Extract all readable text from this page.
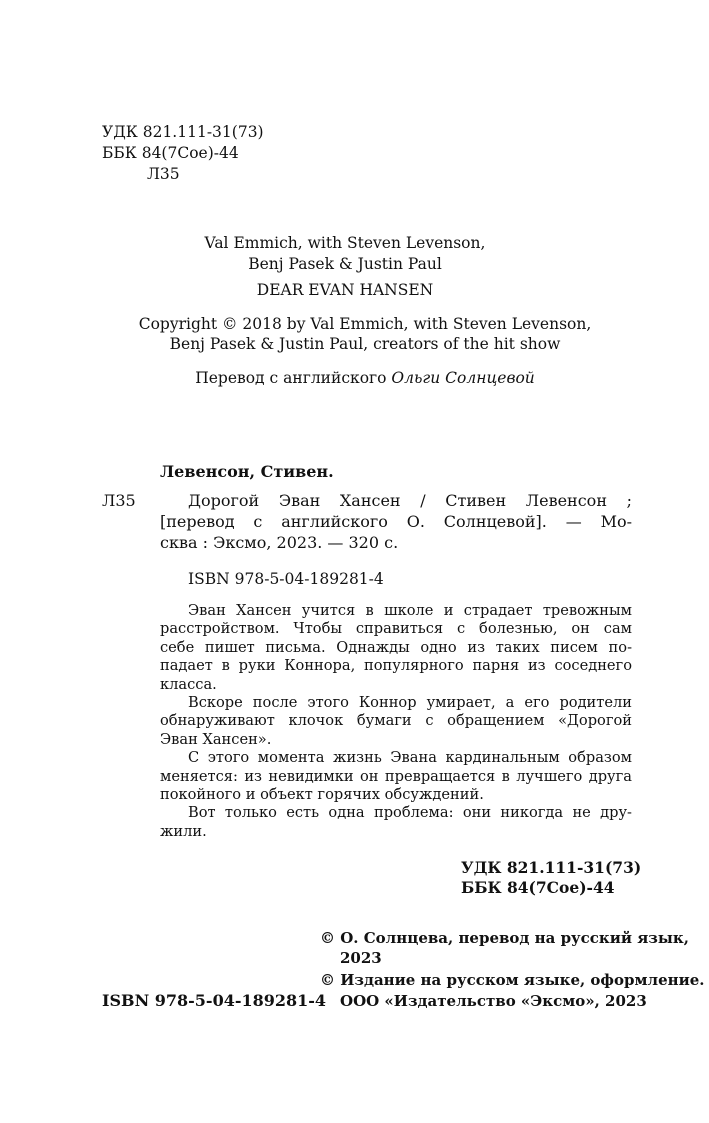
УДК 821.111-31(73)
ББК 84(7Сое)-44
Л35
Val Emmich, with Steven Levenson,
Benj Pasek & Justin Paul
DEAR EVAN HANSEN
Copyright © 2018 by Val Emmich, with Steven Levenson,
Benj Pasek & Justin Paul, creators of the hit show
Перевод с английского Ольги Солнцевой
Левенсон, Стивен.
Л35	Дорогой Эван Хансен / Стивен Левенсон ;
[перевод с английского О. Солнцевой]. — Мо-
сква : Эксмо, 2023. — 320 с.
ISBN 978-5-04-189281-4
Эван Хансен учится в школе и страдает тревожным
расстройством. Чтобы справиться с болезнью, он сам
себе пишет письма. Однажды одно из таких писем по-
падает в руки Коннора, популярного парня из соседнего
класса.
Вскоре после этого Коннор умирает, а его родители
обнаруживают клочок бумаги с обращением «Дорогой
Эван Хансен».
С этого момента жизнь Эвана кардинальным образом
меняется: из невидимки он превращается в лучшего друга
покойного и объект горячих обсуждений.
Вот только есть одна проблема: они никогда не дру-
жили.
УДК 821.111-31(73)
ББК 84(7Сое)-44
© О. Солнцева, перевод на русский язык,
2023
© Издание на русском языке, оформление.
ISBN 978-5-04-189281-4 ООО «Издательство «Эксмо», 2023
